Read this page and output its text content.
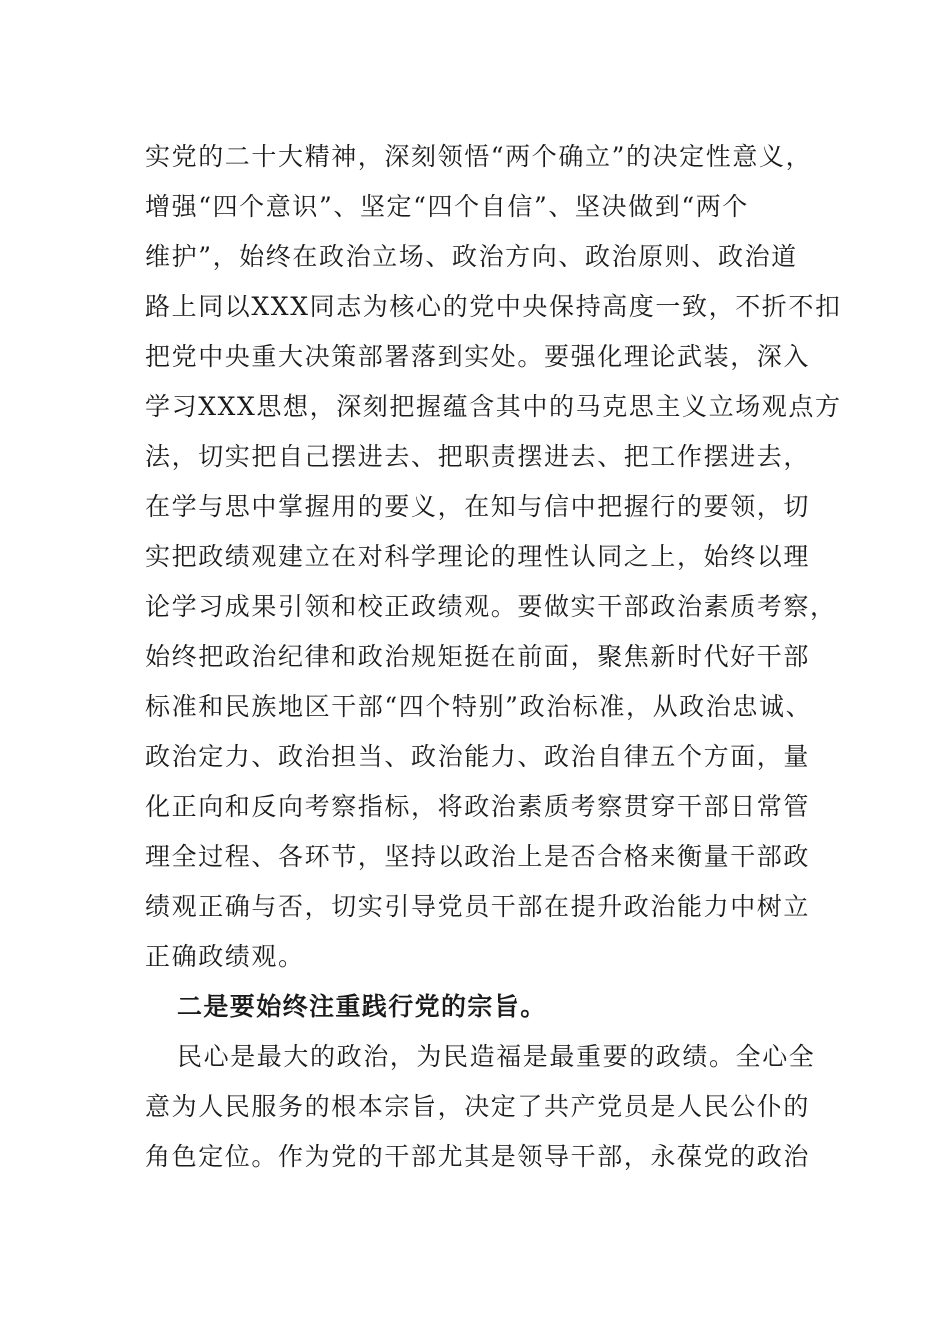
实党的二十大精神，深刻领悟“两个确立”的决定性意义，
增强“四个意识”、坚定“四个自信”、坚决做到“两个
维护”，始终在政治立场、政治方向、政治原则、政治道
路上同以XXX同志为核心的党中央保持高度一致，不折不扣
把党中央重大决策部署落到实处。要强化理论武装，深入
学习XXX思想，深刻把握蕴含其中的马克思主义立场观点方
法，切实把自己摆进去、把职责摆进去、把工作摆进去，
在学与思中掌握用的要义，在知与信中把握行的要领，切
实把政绩观建立在对科学理论的理性认同之上，始终以理
论学习成果引领和校正政绩观。要做实干部政治素质考察，
始终把政治纪律和政治规矩挺在前面，聚焦新时代好干部
标准和民族地区干部“四个特别”政治标准，从政治忠诚、
政治定力、政治担当、政治能力、政治自律五个方面，量
化正向和反向考察指标，将政治素质考察贯穿干部日常管
理全过程、各环节，坚持以政治上是否合格来衡量干部政
绩观正确与否，切实引导党员干部在提升政治能力中树立
正确政绩观。
二是要始终注重践行党的宗旨。
民心是最大的政治，为民造福是最重要的政绩。全心全
意为人民服务的根本宗旨，决定了共产党员是人民公仆的
角色定位。作为党的干部尤其是领导干部，永葆党的政治
